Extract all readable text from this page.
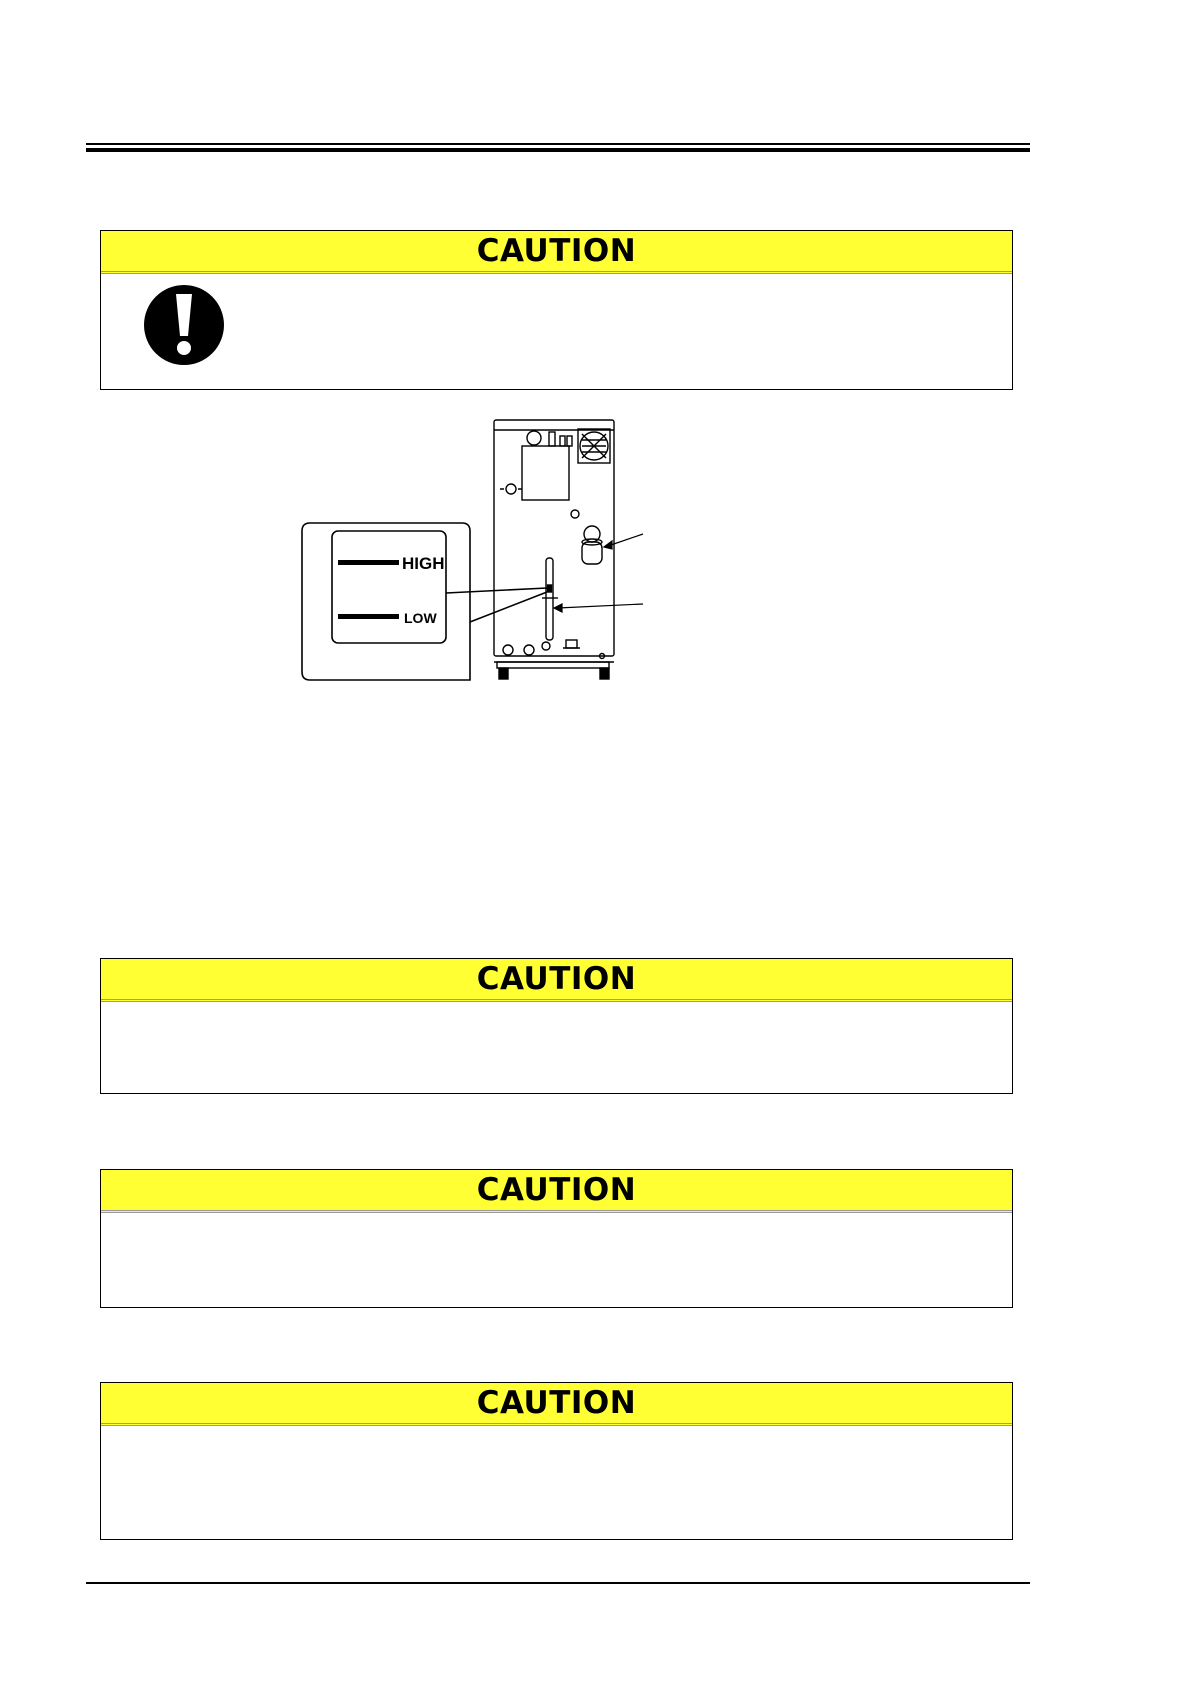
CAUTION
HIGH
LOW
CAUTION
CAUTION
CAUTION
